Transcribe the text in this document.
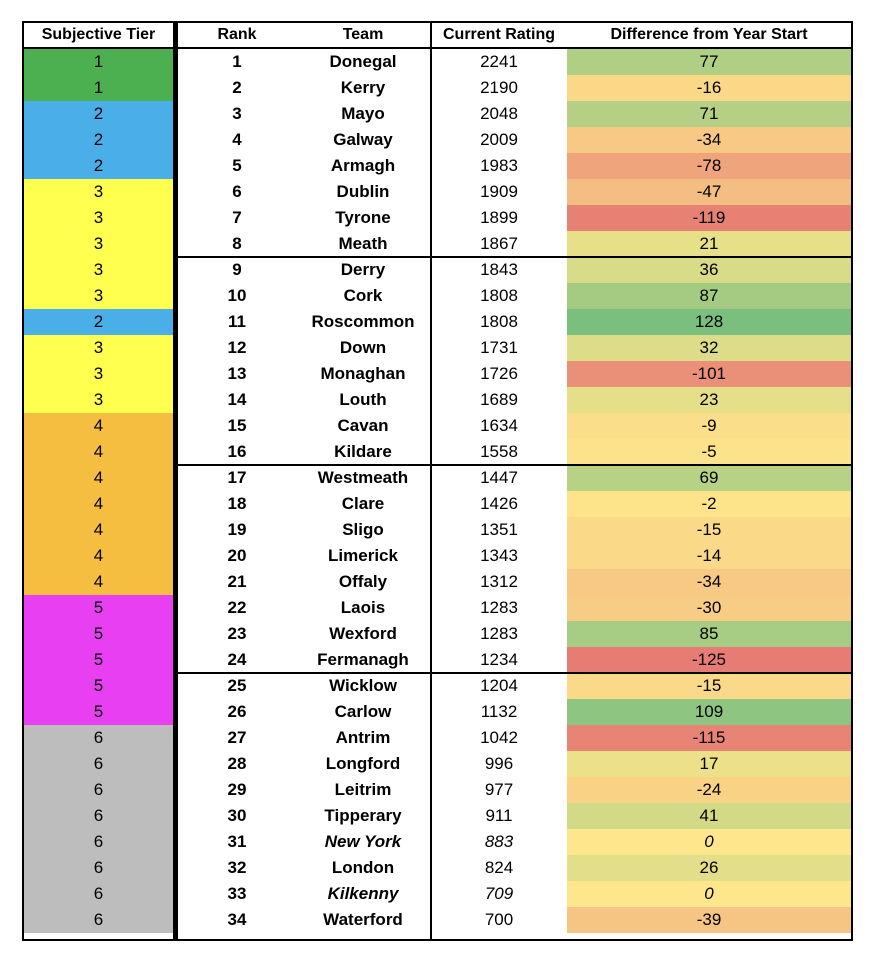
Subjective Tier	Rank	Team	Current Rating	Difference from Year Start
1	1	Donegal	2241	77
1	2	Kerry	2190	-16
2	3	Mayo	2048	71
2	4	Galway	2009	-34
2	5	Armagh	1983	-78
3	6	Dublin	1909	-47
3	7	Tyrone	1899	-119
3	8	Meath	1867	21
3	9	Derry	1843	36
3	10	Cork	1808	87
2	11	Roscommon	1808	128
3	12	Down	1731	32
3	13	Monaghan	1726	-101
3	14	Louth	1689	23
4	15	Cavan	1634	-9
4	16	Kildare	1558	-5
4	17	Westmeath	1447	69
4	18	Clare	1426	-2
4	19	Sligo	1351	-15
4	20	Limerick	1343	-14
4	21	Offaly	1312	-34
5	22	Laois	1283	-30
5	23	Wexford	1283	85
5	24	Fermanagh	1234	-125
5	25	Wicklow	1204	-15
5	26	Carlow	1132	109
6	27	Antrim	1042	-115
6	28	Longford	996	17
6	29	Leitrim	977	-24
6	30	Tipperary	911	41
6	31	New York	883	0
6	32	London	824	26
6	33	Kilkenny	709	0
6	34	Waterford	700	-39
